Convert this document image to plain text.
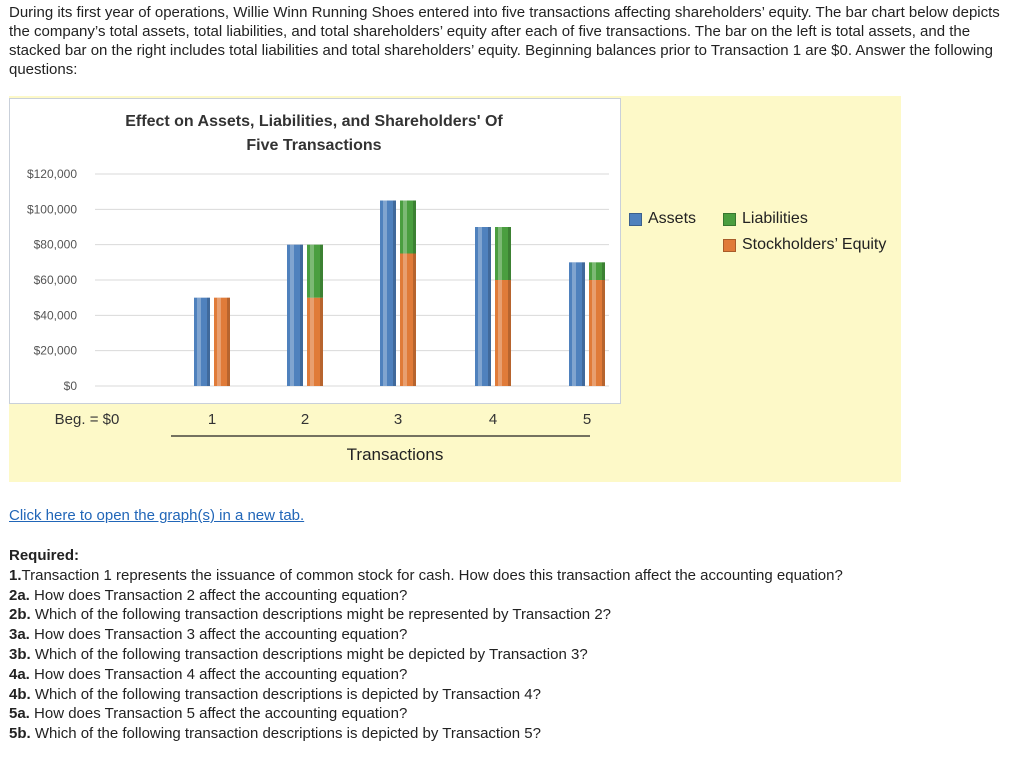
During its first year of operations, Willie Winn Running Shoes entered into five transactions affecting shareholders’ equity. The bar chart below depicts the company’s total assets, total liabilities, and total shareholders’ equity after each of five transactions. The bar on the left is total assets, and the stacked bar on the right includes total liabilities and total shareholders’ equity. Beginning balances prior to Transaction 1 are $0. Answer the following questions:

Effect on Assets, Liabilities, and Shareholders' Of
Five Transactions
$120,000
$100,000
$80,000
$60,000
$40,000
$20,000
$0
Beg. = $0	1	2	3	4	5
Transactions
Assets	Liabilities
Stockholders’ Equity
Click here to open the graph(s) in a new tab.
Required:
1.Transaction 1 represents the issuance of common stock for cash. How does this transaction affect the accounting equation?
2a. How does Transaction 2 affect the accounting equation?
2b. Which of the following transaction descriptions might be represented by Transaction 2?
3a. How does Transaction 3 affect the accounting equation?
3b. Which of the following transaction descriptions might be depicted by Transaction 3?
4a. How does Transaction 4 affect the accounting equation?
4b. Which of the following transaction descriptions is depicted by Transaction 4?
5a. How does Transaction 5 affect the accounting equation?
5b. Which of the following transaction descriptions is depicted by Transaction 5?
